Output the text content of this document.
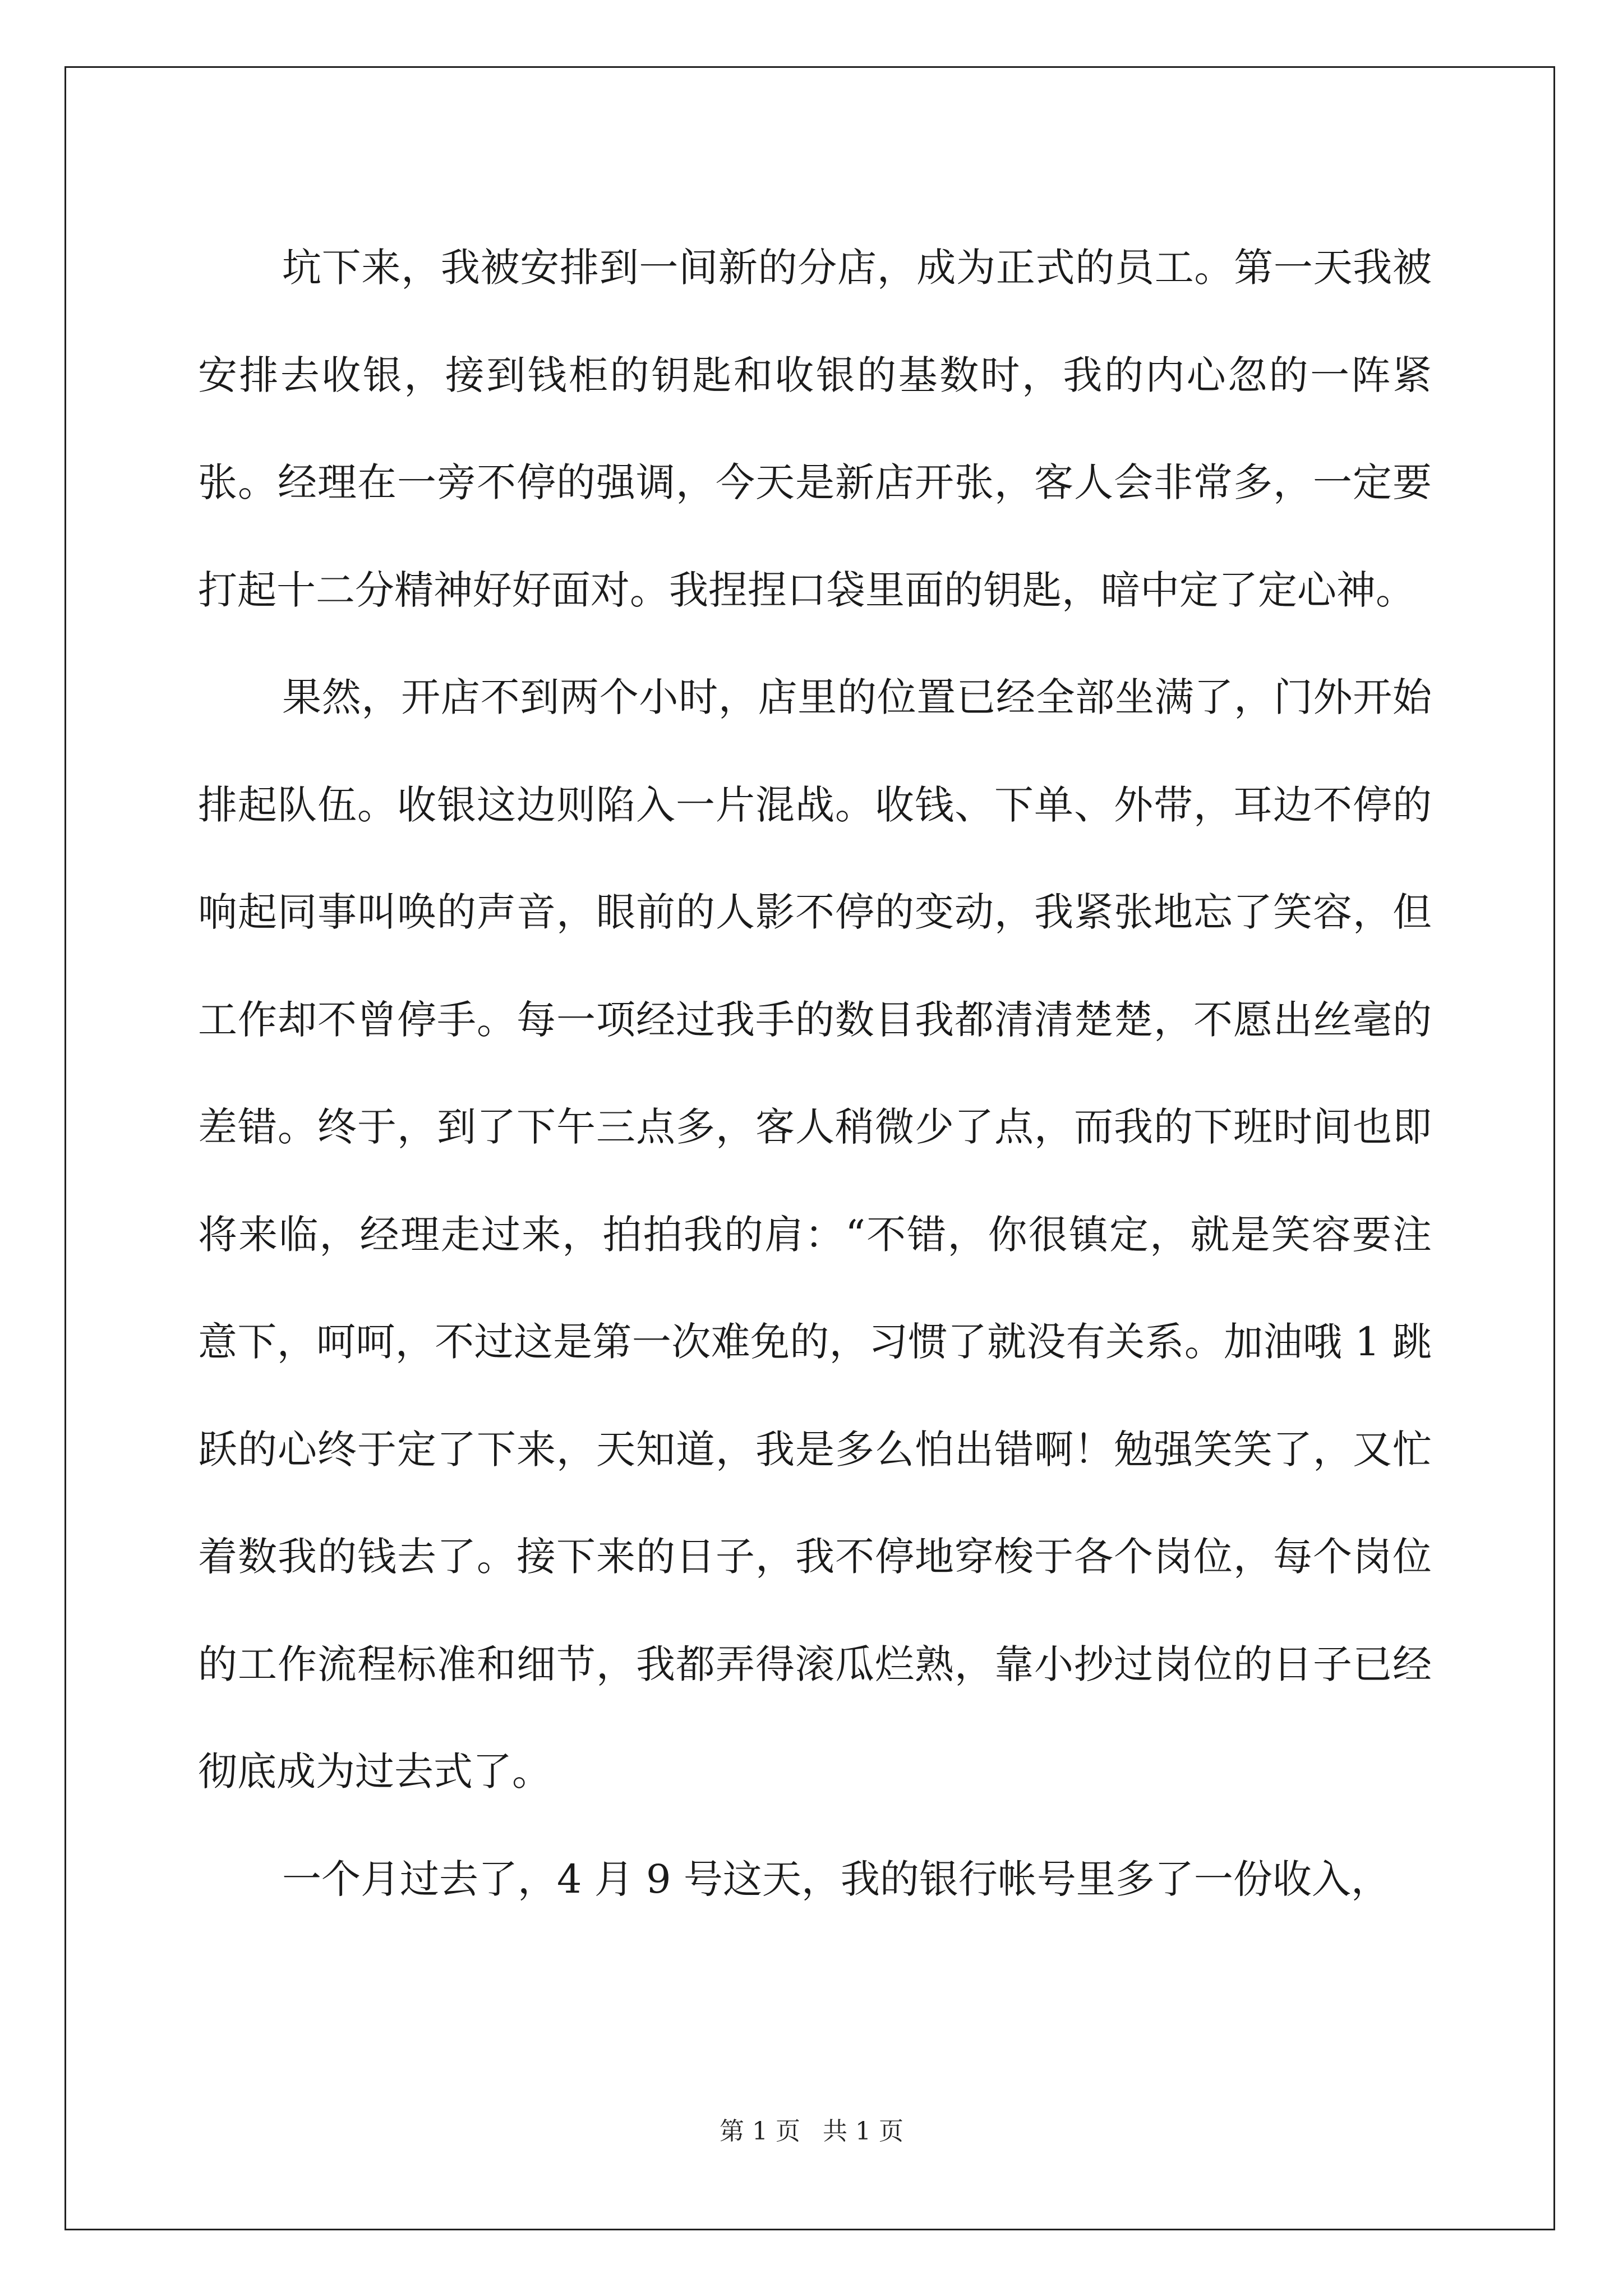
坑下来，我被安排到一间新的分店，成为正式的员工。第一天我被安排去收银，接到钱柜的钥匙和收银的基数时，我的内心忽的一阵紧张。经理在一旁不停的强调，今天是新店开张，客人会非常多，一定要打起十二分精神好好面对。我捏捏口袋里面的钥匙，暗中定了定心神。

果然，开店不到两个小时，店里的位置已经全部坐满了，门外开始排起队伍。收银这边则陷入一片混战。收钱、下单、外带，耳边不停的响起同事叫唤的声音，眼前的人影不停的变动，我紧张地忘了笑容，但工作却不曾停手。每一项经过我手的数目我都清清楚楚，不愿出丝毫的差错。终于，到了下午三点多，客人稍微少了点，而我的下班时间也即将来临，经理走过来，拍拍我的肩：“不错，你很镇定，就是笑容要注意下，呵呵，不过这是第一次难免的，习惯了就没有关系。加油哦 1 跳跃的心终于定了下来，天知道，我是多么怕出错啊！勉强笑笑了，又忙着数我的钱去了。接下来的日子，我不停地穿梭于各个岗位，每个岗位的工作流程标准和细节，我都弄得滚瓜烂熟，靠小抄过岗位的日子已经彻底成为过去式了。

一个月过去了，4 月 9 号这天，我的银行帐号里多了一份收入，

第 1 页 共 1 页
